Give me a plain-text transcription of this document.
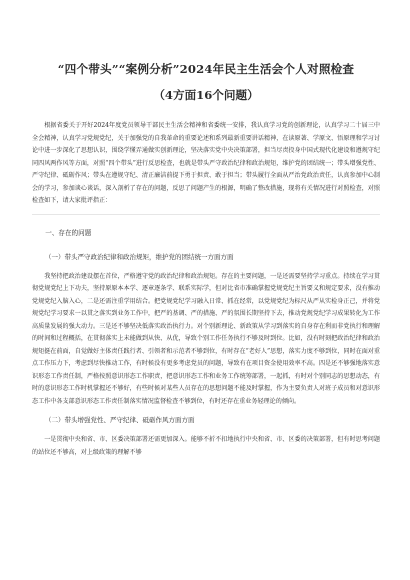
“四个带头”“案例分析”2024年民主生活会个人对照检查
（4方面16个问题）

根据省委关于开好2024年度党员领导干部民主生活会精神和省委统一安排，我认真学习党的创新理论，认真学习二十届三中全会精神，认真学习党规党纪，关于加强党的自我革命的重要论述和系列最新重要讲话精神，在读原著、学原文、悟原理和学习讨论中进一步深化了思想认识，围绕学懂弄通做实创新理论，坚决落实党中央决策部署，担当尽责投身中国式现代化建设和遵规守纪同四风两作风等方面，对照“四个带头”进行反思检查，也就是带头严守政治纪律和政治规矩，维护党的团结统一；带头增强党性、严守纪律、砥砺作风；带头在遵规守纪、清正廉洁前提下勇于担责、敢于担当；带头履行全面从严治党政治责任，认真参加中心制会的学习，参加谈心谈话，深入剖析了存在的问题，反思了问题产生的根源，明确了整改措施，现将有关情况进行对照检查，对照检查如下，请大家批评指正：

一、存在的问题
（一）带头严守政治纪律和政治规矩，维护党的团结统一方面方面

我坚持把政治建设摆在首位，严格遵守党的政治纪律和政治规矩。存在的主要问题，一是还需要坚持学习重点。持续在学习贯彻党规党纪上下功夫，坚持原原本本学、逐章逐条学、联系实际学，但对比省市准确掌握党规党纪主旨要义和规定要求，没有推动党规党纪入脑入心，二是还需注重学用结合。把党规党纪学习融入日常、抓在经常，以党规党纪为标尺从严从实检身正己，并将党规党纪学习要求一以贯之落实到业务工作中，把严的基调、严的措施、严的氛围长期坚持下去，推动党规党纪学习成果转化为工作高质量发展的强大动力。三是还不够坚决低落实政治执行力。对个别新理论、新政策从学习到落实的自身存在利而非党执行和理解的时间和过程概括，在贯彻落实上未能做到从快、从优，导致个别工作任务执行不够及时到位。比如，没有时刻把政治纪律和政治规矩挺在前面，自觉做好主体责任践行者、引领者和示范者不够到位，有时存在“老好人”思想，落实力度不够到位，同时在面对重点工作压力下，考虑到尽快推动工作，有时候没有更多考虑党员的问题，导致有在项目资金使用效率不高。四是还不够强地落实意识形态工作责任制，严格按照意识形态工作职责，把意识形态工作和业务工作统筹部署，一起抓，有时对个别同志的思想动态，有时的意识形态工作时机掌握还不够好，有些时候对某些人员存在的思想问题不能及时掌握，作为主要负责人对班子成员和对意识形态工作中各支部意识形态工作责任制落实情况监督检查不够到位，有时还存在重业务轻理论的倾向。

（二）带头增强党性、严守纪律、砥砺作风方面方面

一是贯彻中央和省、市、区委决策部署还需更加深入。能够不折不扣地执行中央和省、市、区委的决策部署，但有时思考问题的站位还不够高，对上级政策的理解不够
